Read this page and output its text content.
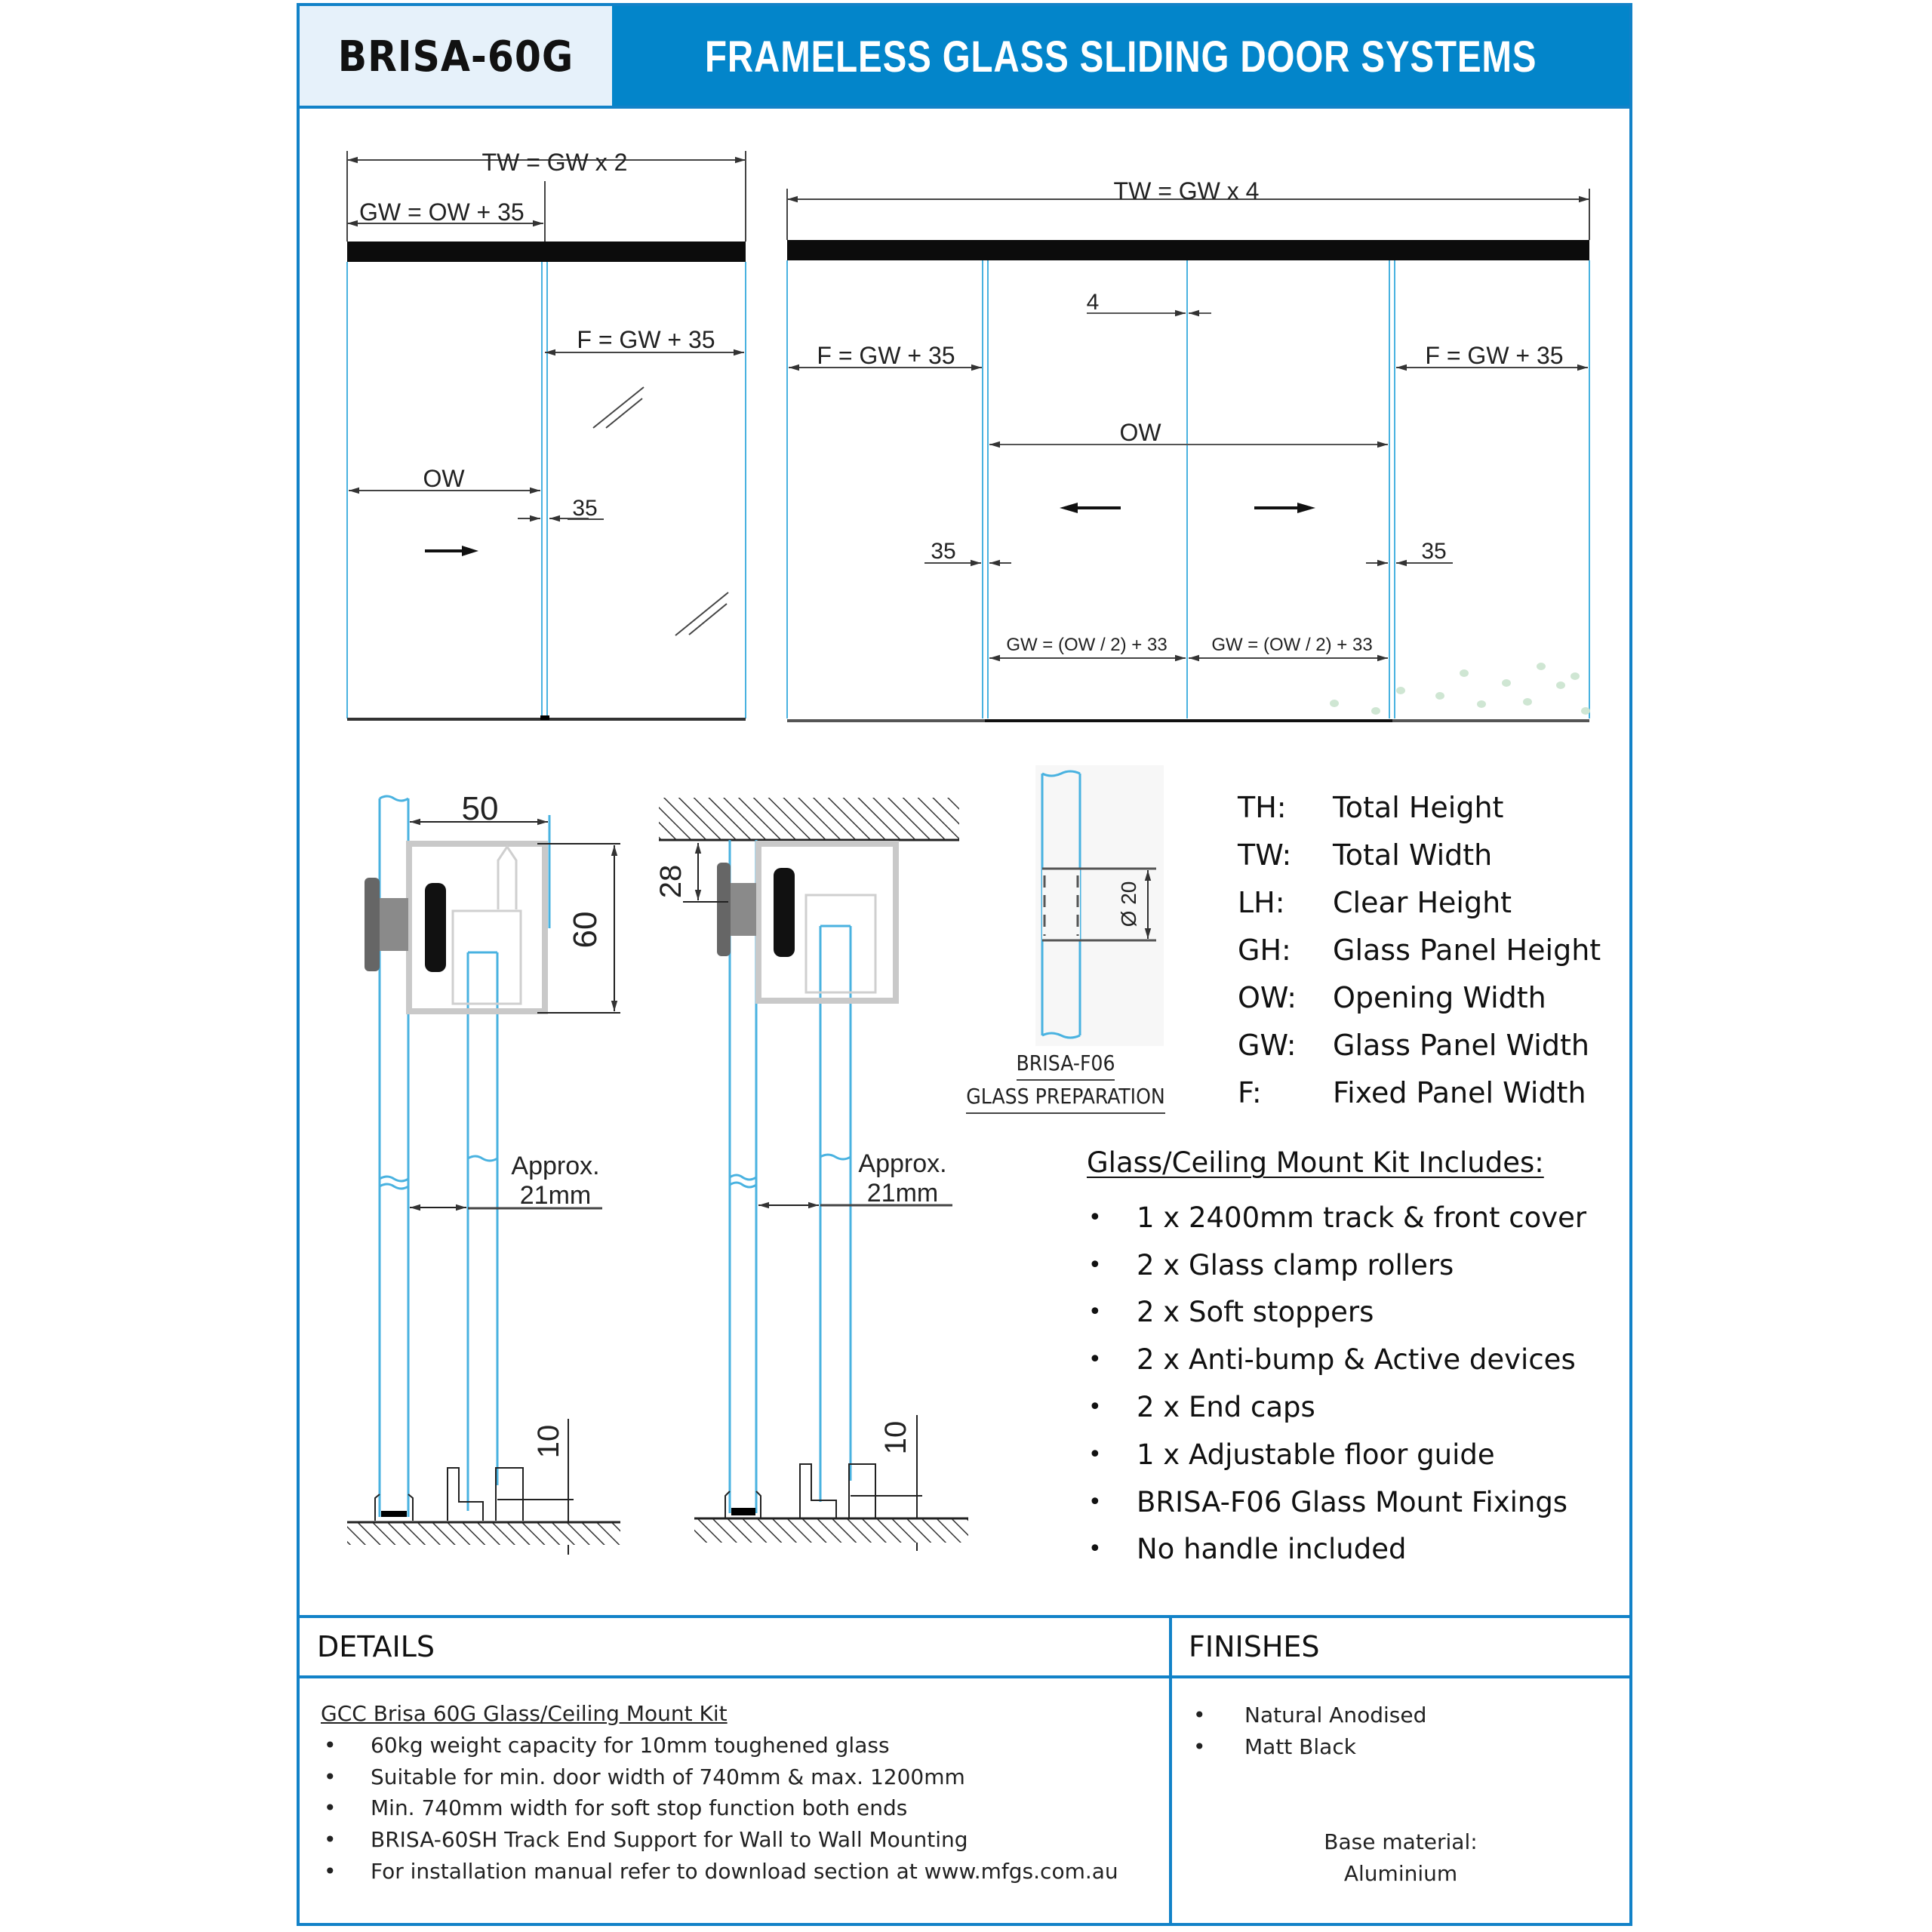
BRISA-60G	FRAMELESS GLASS SLIDING DOOR SYSTEMS
TW = GW x 2
GW = OW + 35
F = GW + 35
OW
35
TW = GW x 4
4
F = GW + 35	F = GW + 35
OW
35	35
GW = (OW / 2) + 33 GW = (OW / 2) + 33
50
60
Approx.
21mm
10
28
Approx.
21mm
10
Ø 20
BRISA-F06
GLASS PREPARATION
TH:	Total Height
TW:	Total Width
LH:	Clear Height
GH:	Glass Panel Height
OW:	Opening Width
GW:	Glass Panel Width
F:	Fixed Panel Width
Glass/Ceiling Mount Kit Includes:
•	1 x 2400mm track & front cover
•	2 x Glass clamp rollers
•	2 x Soft stoppers
•	2 x Anti-bump & Active devices
•	2 x End caps
•	1 x Adjustable floor guide
•	BRISA-F06 Glass Mount Fixings
•	No handle included
DETAILS	FINISHES
GCC Brisa 60G Glass/Ceiling Mount Kit
•	60kg weight capacity for 10mm toughened glass
•	Suitable for min. door width of 740mm & max. 1200mm
•	Min. 740mm width for soft stop function both ends
•	BRISA-60SH Track End Support for Wall to Wall Mounting
•	For installation manual refer to download section at www.mfgs.com.au
•	Natural Anodised
•	Matt Black
Base material:
Aluminium
